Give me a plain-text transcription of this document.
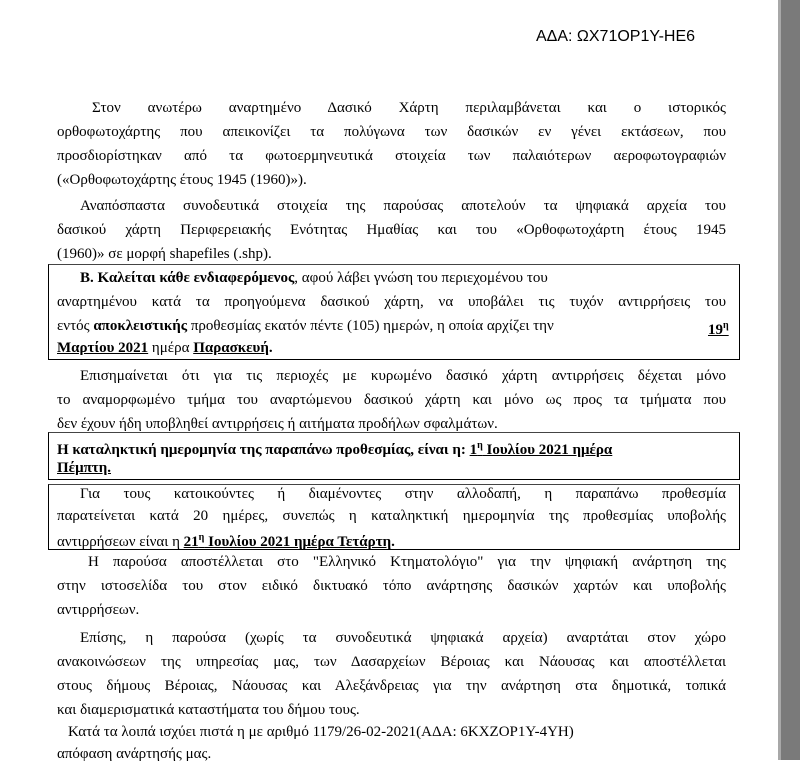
ΑΔΑ: ΩΧ71ΟΡ1Υ-ΗΕ6
Στον ανωτέρω αναρτημένο Δασικό Χάρτη περιλαμβάνεται και ο ιστορικός
ορθοφωτοχάρτης που απεικονίζει τα πολύγωνα των δασικών εν γένει εκτάσεων, που
προσδιορίστηκαν από τα φωτοερμηνευτικά στοιχεία των παλαιότερων αεροφωτογραφιών
(«Ορθοφωτοχάρτης έτους 1945 (1960)»).
Αναπόσπαστα συνοδευτικά στοιχεία της παρούσας αποτελούν τα ψηφιακά αρχεία του
δασικού χάρτη Περιφερειακής Ενότητας Ημαθίας και του «Ορθοφωτοχάρτη έτους 1945
(1960)» σε μορφή shapefiles (.shp).
Β. Καλείται κάθε ενδιαφερόμενος, αφού λάβει γνώση του περιεχομένου του
αναρτημένου κατά τα προηγούμενα δασικού χάρτη, να υποβάλει τις τυχόν αντιρρήσεις του
εντός αποκλειστικής προθεσμίας εκατόν πέντε (105) ημερών, η οποία αρχίζει την	$19^\eta$
Μαρτίου 2021 ημέρα Παρασκευή.
Επισημαίνεται ότι για τις περιοχές με κυρωμένο δασικό χάρτη αντιρρήσεις δέχεται μόνο
το αναμορφωμένο τμήμα του αναρτώμενου δασικού χάρτη και μόνο ως προς τα τμήματα που
δεν έχουν ήδη υποβληθεί αντιρρήσεις ή αιτήματα προδήλων σφαλμάτων.
Η καταληκτική ημερομηνία της παραπάνω προθεσμίας, είναι η: $1^\eta$ Ιουλίου 2021 ημέρα
Πέμπτη.
Για τους κατοικούντες ή διαμένοντες στην αλλοδαπή, η παραπάνω προθεσμία
παρατείνεται κατά 20 ημέρες, συνεπώς η καταληκτική ημερομηνία της προθεσμίας υποβολής
αντιρρήσεων είναι η $21^\eta$ Ιουλίου 2021 ημέρα Τετάρτη.
Η παρούσα αποστέλλεται στο "Ελληνικό Κτηματολόγιο" για την ψηφιακή ανάρτηση της
στην ιστοσελίδα του στον ειδικό δικτυακό τόπο ανάρτησης δασικών χαρτών και υποβολής
αντιρρήσεων.
Επίσης, η παρούσα (χωρίς τα συνοδευτικά ψηφιακά αρχεία) αναρτάται στον χώρο
ανακοινώσεων της υπηρεσίας μας, των Δασαρχείων Βέροιας και Νάουσας και αποστέλλεται
στους δήμους Βέροιας, Νάουσας και Αλεξάνδρειας για την ανάρτηση στα δημοτικά, τοπικά
και διαμερισματικά καταστήματα του δήμου τους.
Κατά τα λοιπά ισχύει πιστά η με αριθμό 1179/26-02-2021(ΑΔΑ: 6ΚΧΖΟΡ1Υ-4ΥΗ)
απόφαση ανάρτησής μας.
